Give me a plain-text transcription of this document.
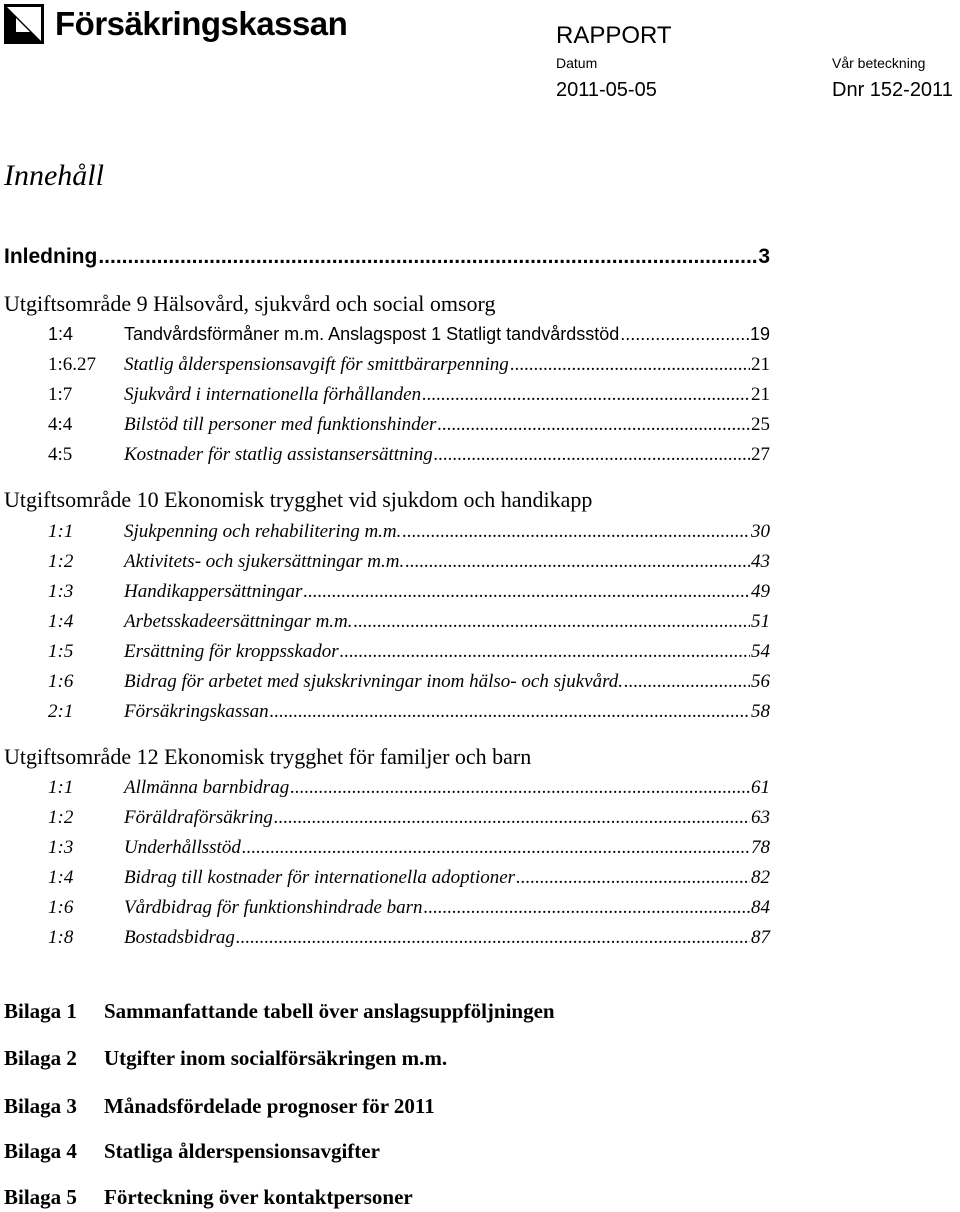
Försäkringskassan	RAPPORT
Datum	Vår beteckning
2011-05-05	Dnr 152-2011
Innehåll
Inledning .....	3
Utgiftsområde 9 Hälsovård, sjukvård och social omsorg
1:4	Tandvårdsförmåner m.m. Anslagspost 1 Statligt tandvårdsstöd .....	19
1:6.27	Statlig ålderspensionsavgift för smittbärarpenning .....	21
1:7	Sjukvård i internationella förhållanden .....	21
4:4	Bilstöd till personer med funktionshinder .....	25
4:5	Kostnader för statlig assistansersättning .....	27
Utgiftsområde 10 Ekonomisk trygghet vid sjukdom och handikapp
1:1	Sjukpenning och rehabilitering m.m. .....	30
1:2	Aktivitets- och sjukersättningar m.m. .....	43
1:3	Handikappersättningar .....	49
1:4	Arbetsskadeersättningar m.m. .....	51
1:5	Ersättning för kroppsskador .....	54
1:6	Bidrag för arbetet med sjukskrivningar inom hälso- och sjukvård. .....	56
2:1	Försäkringskassan .....	58
Utgiftsområde 12 Ekonomisk trygghet för familjer och barn
1:1	Allmänna barnbidrag .....	61
1:2	Föräldraförsäkring .....	63
1:3	Underhållsstöd .....	78
1:4	Bidrag till kostnader för internationella adoptioner .....	82
1:6	Vårdbidrag för funktionshindrade barn .....	84
1:8	Bostadsbidrag .....	87
Bilaga 1 Sammanfattande tabell över anslagsuppföljningen
Bilaga 2 Utgifter inom socialförsäkringen m.m.
Bilaga 3 Månadsfördelade prognoser för 2011
Bilaga 4 Statliga ålderspensionsavgifter
Bilaga 5 Förteckning över kontaktpersoner
